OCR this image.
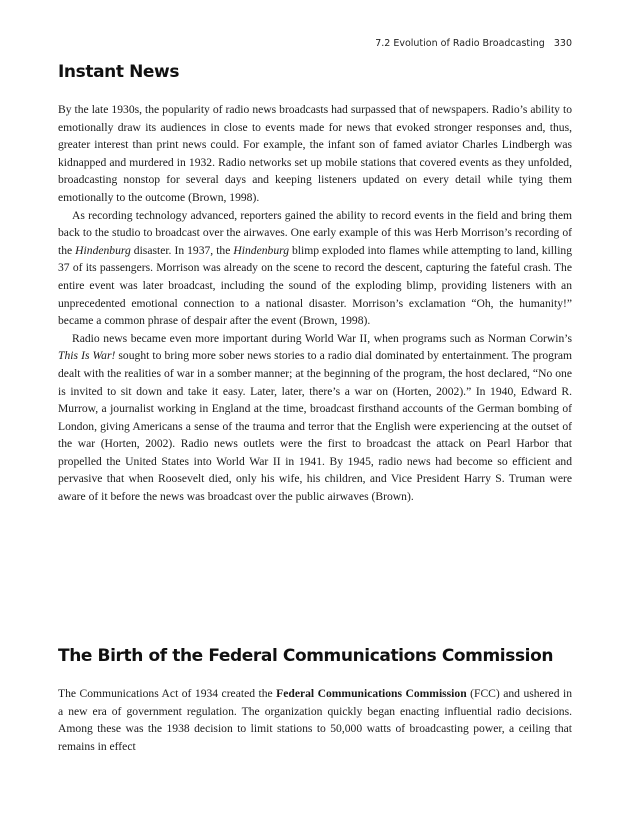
7.2 Evolution of Radio Broadcasting 330
Instant News

By the late 1930s, the popularity of radio news broadcasts had surpassed that of newspapers. Radio’s ability to emotionally draw its audiences in close to events made for news that evoked stronger responses and, thus, greater interest than print news could. For example, the infant son of famed aviator Charles Lindbergh was kidnapped and murdered in 1932. Radio networks set up mobile stations that covered events as they unfolded, broadcasting nonstop for several days and keeping listeners updated on every detail while tying them emotionally to the outcome (Brown, 1998).

As recording technology advanced, reporters gained the ability to record events in the field and bring them back to the studio to broadcast over the airwaves. One early example of this was Herb Morrison’s recording of the Hindenburg disaster. In 1937, the Hindenburg blimp exploded into flames while attempting to land, killing 37 of its passengers. Morrison was already on the scene to record the descent, capturing the fateful crash. The entire event was later broadcast, including the sound of the exploding blimp, providing listeners with an unprecedented emotional connection to a national disaster. Morrison’s exclamation “Oh, the humanity!” became a common phrase of despair after the event (Brown, 1998).

Radio news became even more important during World War II, when programs such as Norman Corwin’s This Is War! sought to bring more sober news stories to a radio dial dominated by entertainment. The program dealt with the realities of war in a somber manner; at the beginning of the program, the host declared, “No one is invited to sit down and take it easy. Later, later, there’s a war on (Horten, 2002).” In 1940, Edward R. Murrow, a journalist working in England at the time, broadcast firsthand accounts of the German bombing of London, giving Americans a sense of the trauma and terror that the English were experiencing at the outset of the war (Horten, 2002). Radio news outlets were the first to broadcast the attack on Pearl Harbor that propelled the United States into World War II in 1941. By 1945, radio news had become so efficient and pervasive that when Roosevelt died, only his wife, his children, and Vice President Harry S. Truman were aware of it before the news was broadcast over the public airwaves (Brown).

The Birth of the Federal Communications Commission

The Communications Act of 1934 created the Federal Communications Commission (FCC) and ushered in a new era of government regulation. The organization quickly began enacting influential radio decisions. Among these was the 1938 decision to limit stations to 50,000 watts of broadcasting power, a ceiling that remains in effect
